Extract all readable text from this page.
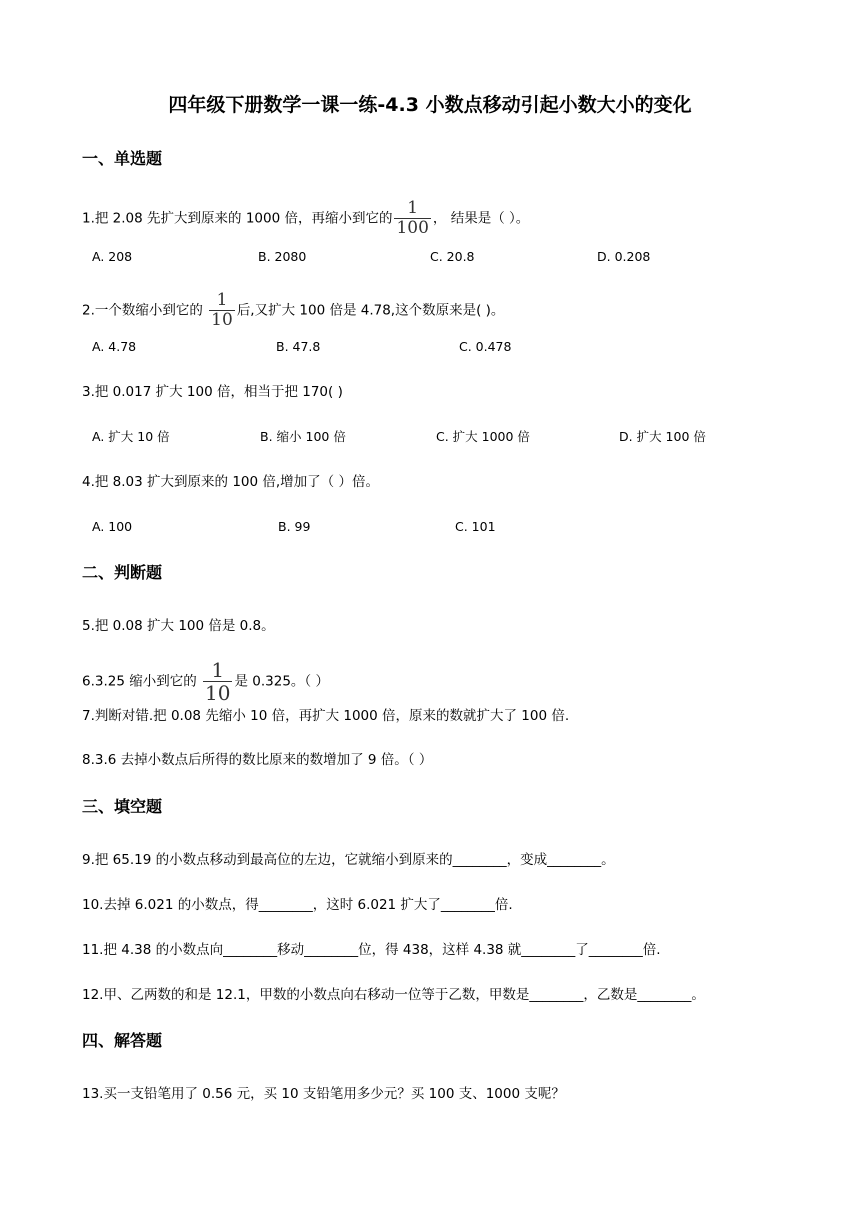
四年级下册数学一课一练-4.3 小数点移动引起小数大小的变化
一、单选题
1.把 2.08 先扩大到原来的 1000 倍，再缩小到它的 $\frac{1}{100}$ ， 结果是（ ）。
A. 208	B. 2080	C. 20.8	D. 0.208
2.一个数缩小到它的 $\frac{1}{10}$ 后,又扩大 100 倍是 4.78,这个数原来是( )。
A. 4.78	B. 47.8	C. 0.478
3.把 0.017 扩大 100 倍，相当于把 170( )
A. 扩大 10 倍	B. 缩小 100 倍	C. 扩大 1000 倍	D. 扩大 100 倍
4.把 8.03 扩大到原来的 100 倍,增加了（ ）倍。
A. 100	B. 99	C. 101
二、判断题
5.把 0.08 扩大 100 倍是 0.8。
6.3.25 缩小到它的 $\frac{1}{10}$ 是 0.325。（ ）
7.判断对错.把 0.08 先缩小 10 倍，再扩大 1000 倍，原来的数就扩大了 100 倍.
8.3.6 去掉小数点后所得的数比原来的数增加了 9 倍。（ ）
三、填空题
9.把 65.19 的小数点移动到最高位的左边，它就缩小到原来的________，变成________。
10.去掉 6.021 的小数点，得________，这时 6.021 扩大了________倍.
11.把 4.38 的小数点向________移动________位，得 438，这样 4.38 就________了________倍.
12.甲、乙两数的和是 12.1，甲数的小数点向右移动一位等于乙数，甲数是________，乙数是________。
四、解答题
13.买一支铅笔用了 0.56 元，买 10 支铅笔用多少元？买 100 支、1000 支呢？
